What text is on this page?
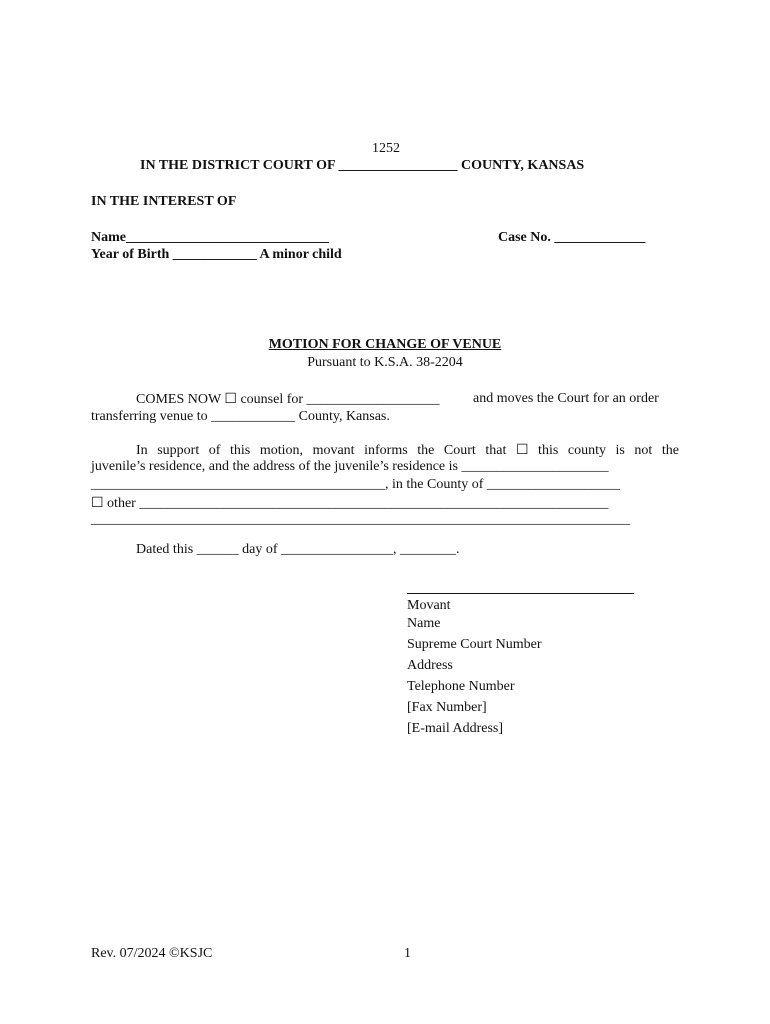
1252
IN THE DISTRICT COURT OF _________________ COUNTY, KANSAS
IN THE INTEREST OF
Name_____________________________	Case No. _____________
Year of Birth ____________ A minor child
MOTION FOR CHANGE OF VENUE
Pursuant to K.S.A. 38-2204
COMES NOW ☐ counsel for ___________________ and moves the Court for an order
transferring venue to ____________ County, Kansas.
In support of this motion, movant informs the Court that ☐ this county is not the
juvenile’s residence, and the address of the juvenile’s residence is _____________________
__________________________________________, in the County of ___________________
☐ other ___________________________________________________________________
_____________________________________________________________________________
Dated this ______ day of ________________, ________.
Movant
Name
Supreme Court Number
Address
Telephone Number
[Fax Number]
[E-mail Address]
Rev. 07/2024 ©KSJC	1
